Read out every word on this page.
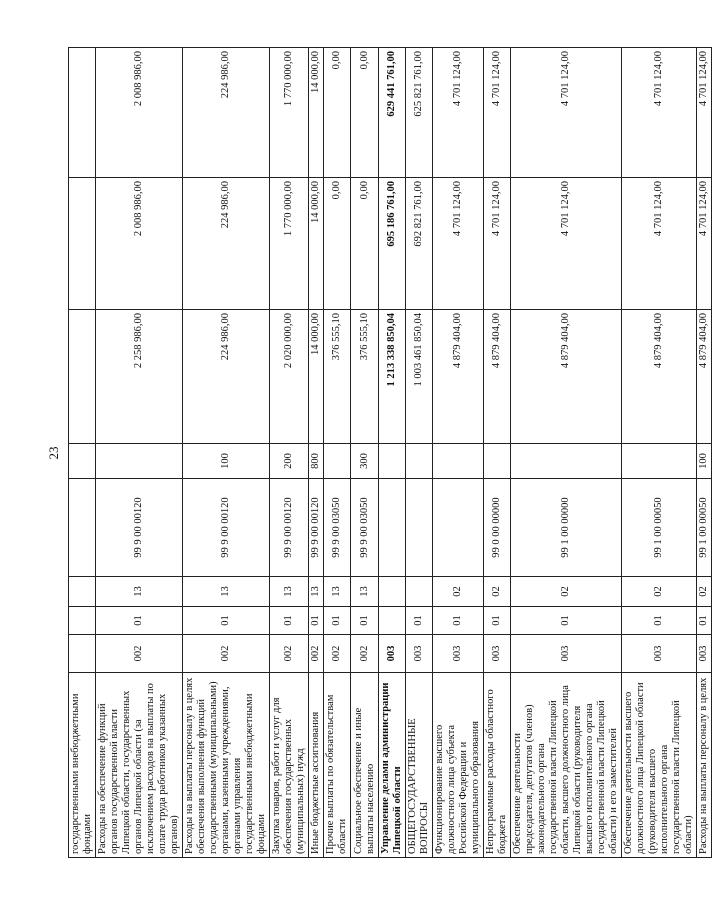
23
государственными внебюджетными фондами								
Расходы на обеспечение функций органов государственной власти Липецкой области, государственных органов Липецкой области (за исключением расходов на выплаты по оплате труда работников указанных органов)	002	01	13	99 9 00 00120		2 258 986,00	2 008 986,00	2 008 986,00
Расходы на выплаты персоналу в целях обеспечения выполнения функций государственными (муниципальными) органами, казенными учреждениями, органами управления государственными внебюджетными фондами	002	01	13	99 9 00 00120	100	224 986,00	224 986,00	224 986,00
Закупка товаров, работ и услуг для обеспечения государственных (муниципальных) нужд	002	01	13	99 9 00 00120	200	2 020 000,00	1 770 000,00	1 770 000,00
Иные бюджетные ассигнования	002	01	13	99 9 00 00120	800	14 000,00	14 000,00	14 000,00
Прочие выплаты по обязательствам области	002	01	13	99 9 00 03050		376 555,10	0,00	0,00
Социальное обеспечение и иные выплаты населению	002	01	13	99 9 00 03050	300	376 555,10	0,00	0,00
Управление делами администрации Липецкой области	003					1 213 338 850,04	695 186 761,00	629 441 761,00
ОБЩЕГОСУДАРСТВЕННЫЕ ВОПРОСЫ	003	01				1 003 461 850,04	692 821 761,00	625 821 761,00
Функционирование высшего должностного лица субъекта Российской Федерации и муниципального образования	003	01	02			4 879 404,00	4 701 124,00	4 701 124,00
Непрограммные расходы областного бюджета	003	01	02	99 0 00 00000		4 879 404,00	4 701 124,00	4 701 124,00
Обеспечение деятельности председателя, депутатов (членов) законодательного органа государственной власти Липецкой области, высшего должностного лица Липецкой области (руководителя высшего исполнительного органа государственной власти Липецкой области) и его заместителей	003	01	02	99 1 00 00000		4 879 404,00	4 701 124,00	4 701 124,00
Обеспечение деятельности высшего должностного лица Липецкой области (руководителя высшего исполнительного органа государственной власти Липецкой области)	003	01	02	99 1 00 00050		4 879 404,00	4 701 124,00	4 701 124,00
Расходы на выплаты персоналу в целях	003	01	02	99 1 00 00050	100	4 879 404,00	4 701 124,00	4 701 124,00
